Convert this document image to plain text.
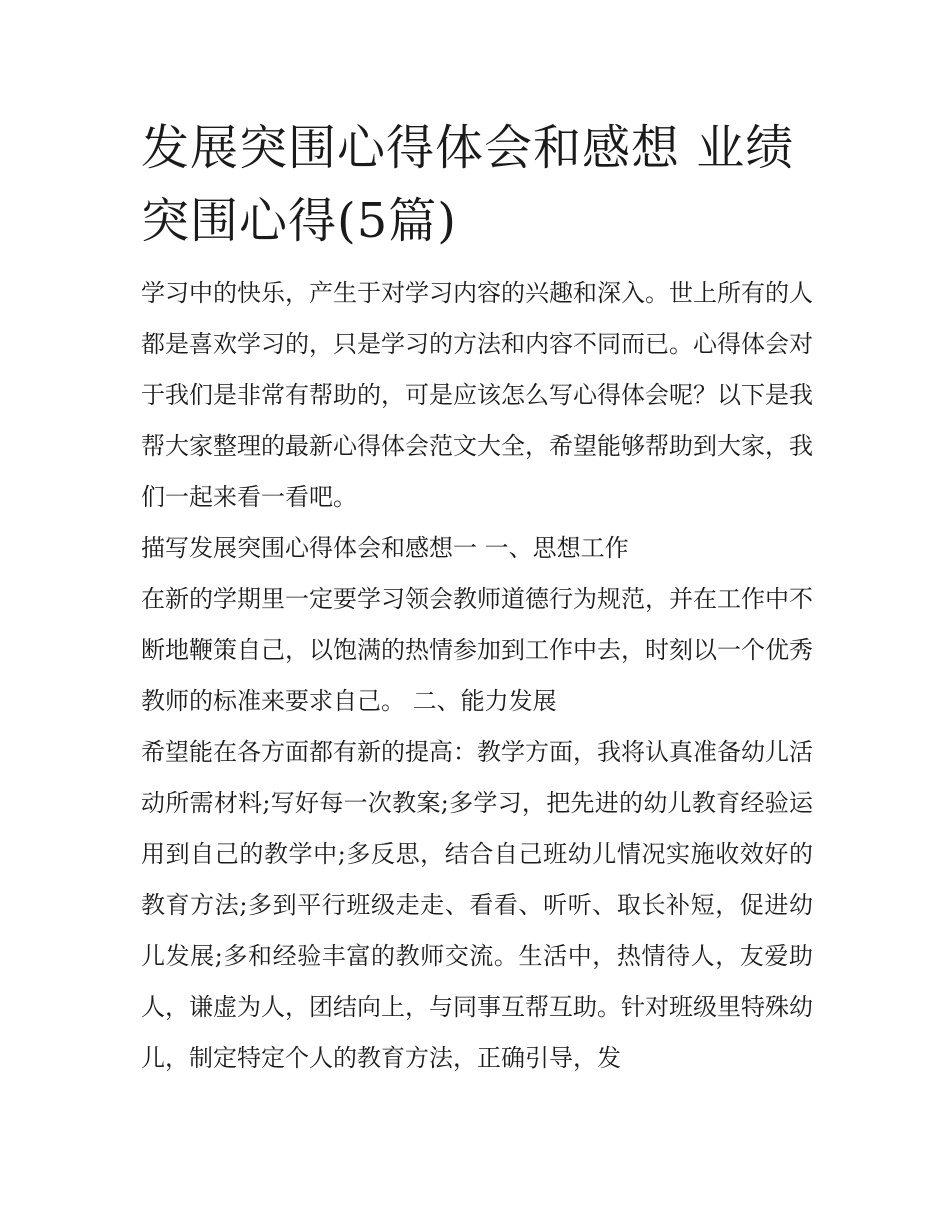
发展突围心得体会和感想 业绩突围心得(5篇)

学习中的快乐，产生于对学习内容的兴趣和深入。世上所有的人都是喜欢学习的，只是学习的方法和内容不同而已。心得体会对于我们是非常有帮助的，可是应该怎么写心得体会呢？以下是我帮大家整理的最新心得体会范文大全，希望能够帮助到大家，我们一起来看一看吧。

描写发展突围心得体会和感想一 一、思想工作

在新的学期里一定要学习领会教师道德行为规范，并在工作中不断地鞭策自己，以饱满的热情参加到工作中去，时刻以一个优秀教师的标准来要求自己。 二、能力发展

希望能在各方面都有新的提高：教学方面，我将认真准备幼儿活动所需材料;写好每一次教案;多学习，把先进的幼儿教育经验运用到自己的教学中;多反思，结合自己班幼儿情况实施收效好的教育方法;多到平行班级走走、看看、听听、取长补短，促进幼儿发展;多和经验丰富的教师交流。生活中，热情待人，友爱助人，谦虚为人，团结向上，与同事互帮互助。针对班级里特殊幼儿，制定特定个人的教育方法，正确引导，发
